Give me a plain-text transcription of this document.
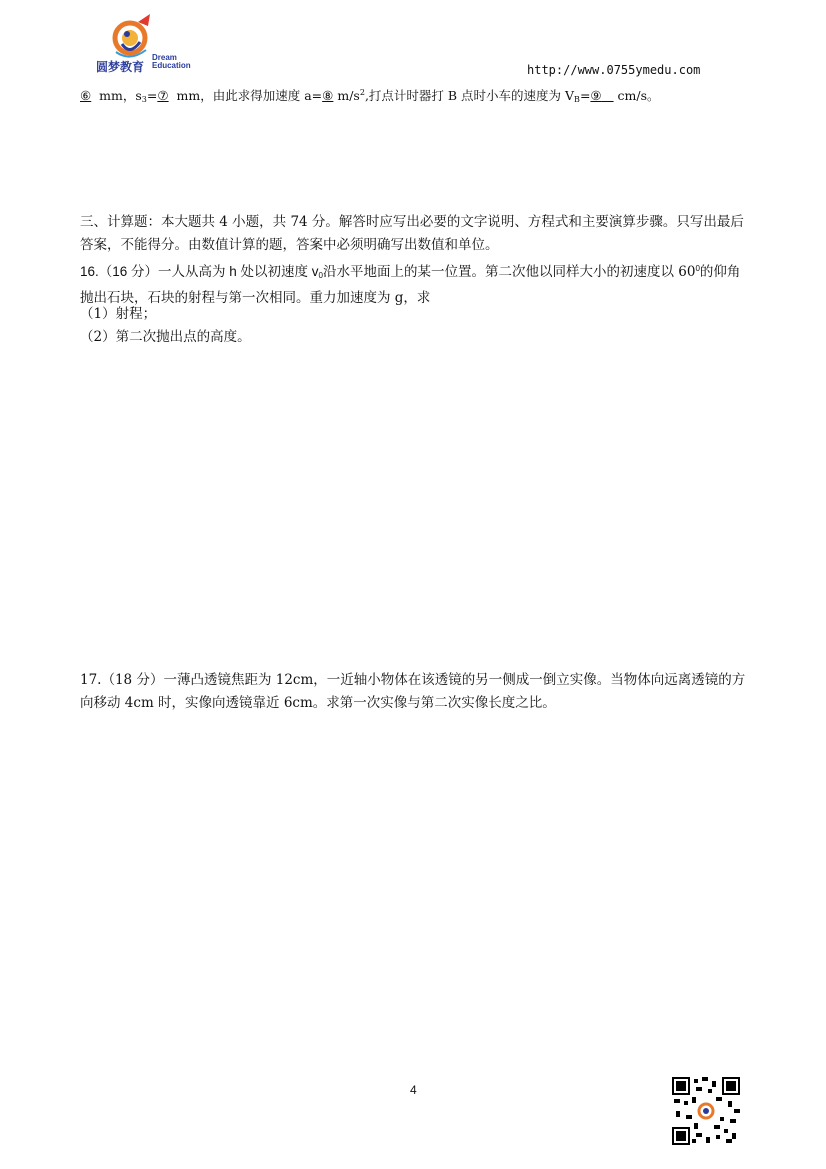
圆梦教育
Dream
Education	http://www.0755ymedu.com
⑥ mm，$s_3=⑦$ mm，由此求得加速度 a=⑧ $m/s^2$,打点计时器打 B 点时小车的速度为 $V_B=⑨$ cm/s。
三、计算题：本大题共 4 小题，共 74 分。解答时应写出必要的文字说明、方程式和主要演算步骤。只写出最后答案，不能得分。由数值计算的题，答案中必须明确写出数值和单位。
16.（16 分）一人从高为 h 处以初速度 $v_0$沿水平地面上的某一位置。第二次他以同样大小的初速度以 $60^0$的仰角抛出石块，石块的射程与第一次相同。重力加速度为 g，求
（1）射程；
（2）第二次抛出点的高度。
17.（18 分）一薄凸透镜焦距为 12cm，一近轴小物体在该透镜的另一侧成一倒立实像。当物体向远离透镜的方向移动 4cm 时，实像向透镜靠近 6cm。求第一次实像与第二次实像长度之比。
4
